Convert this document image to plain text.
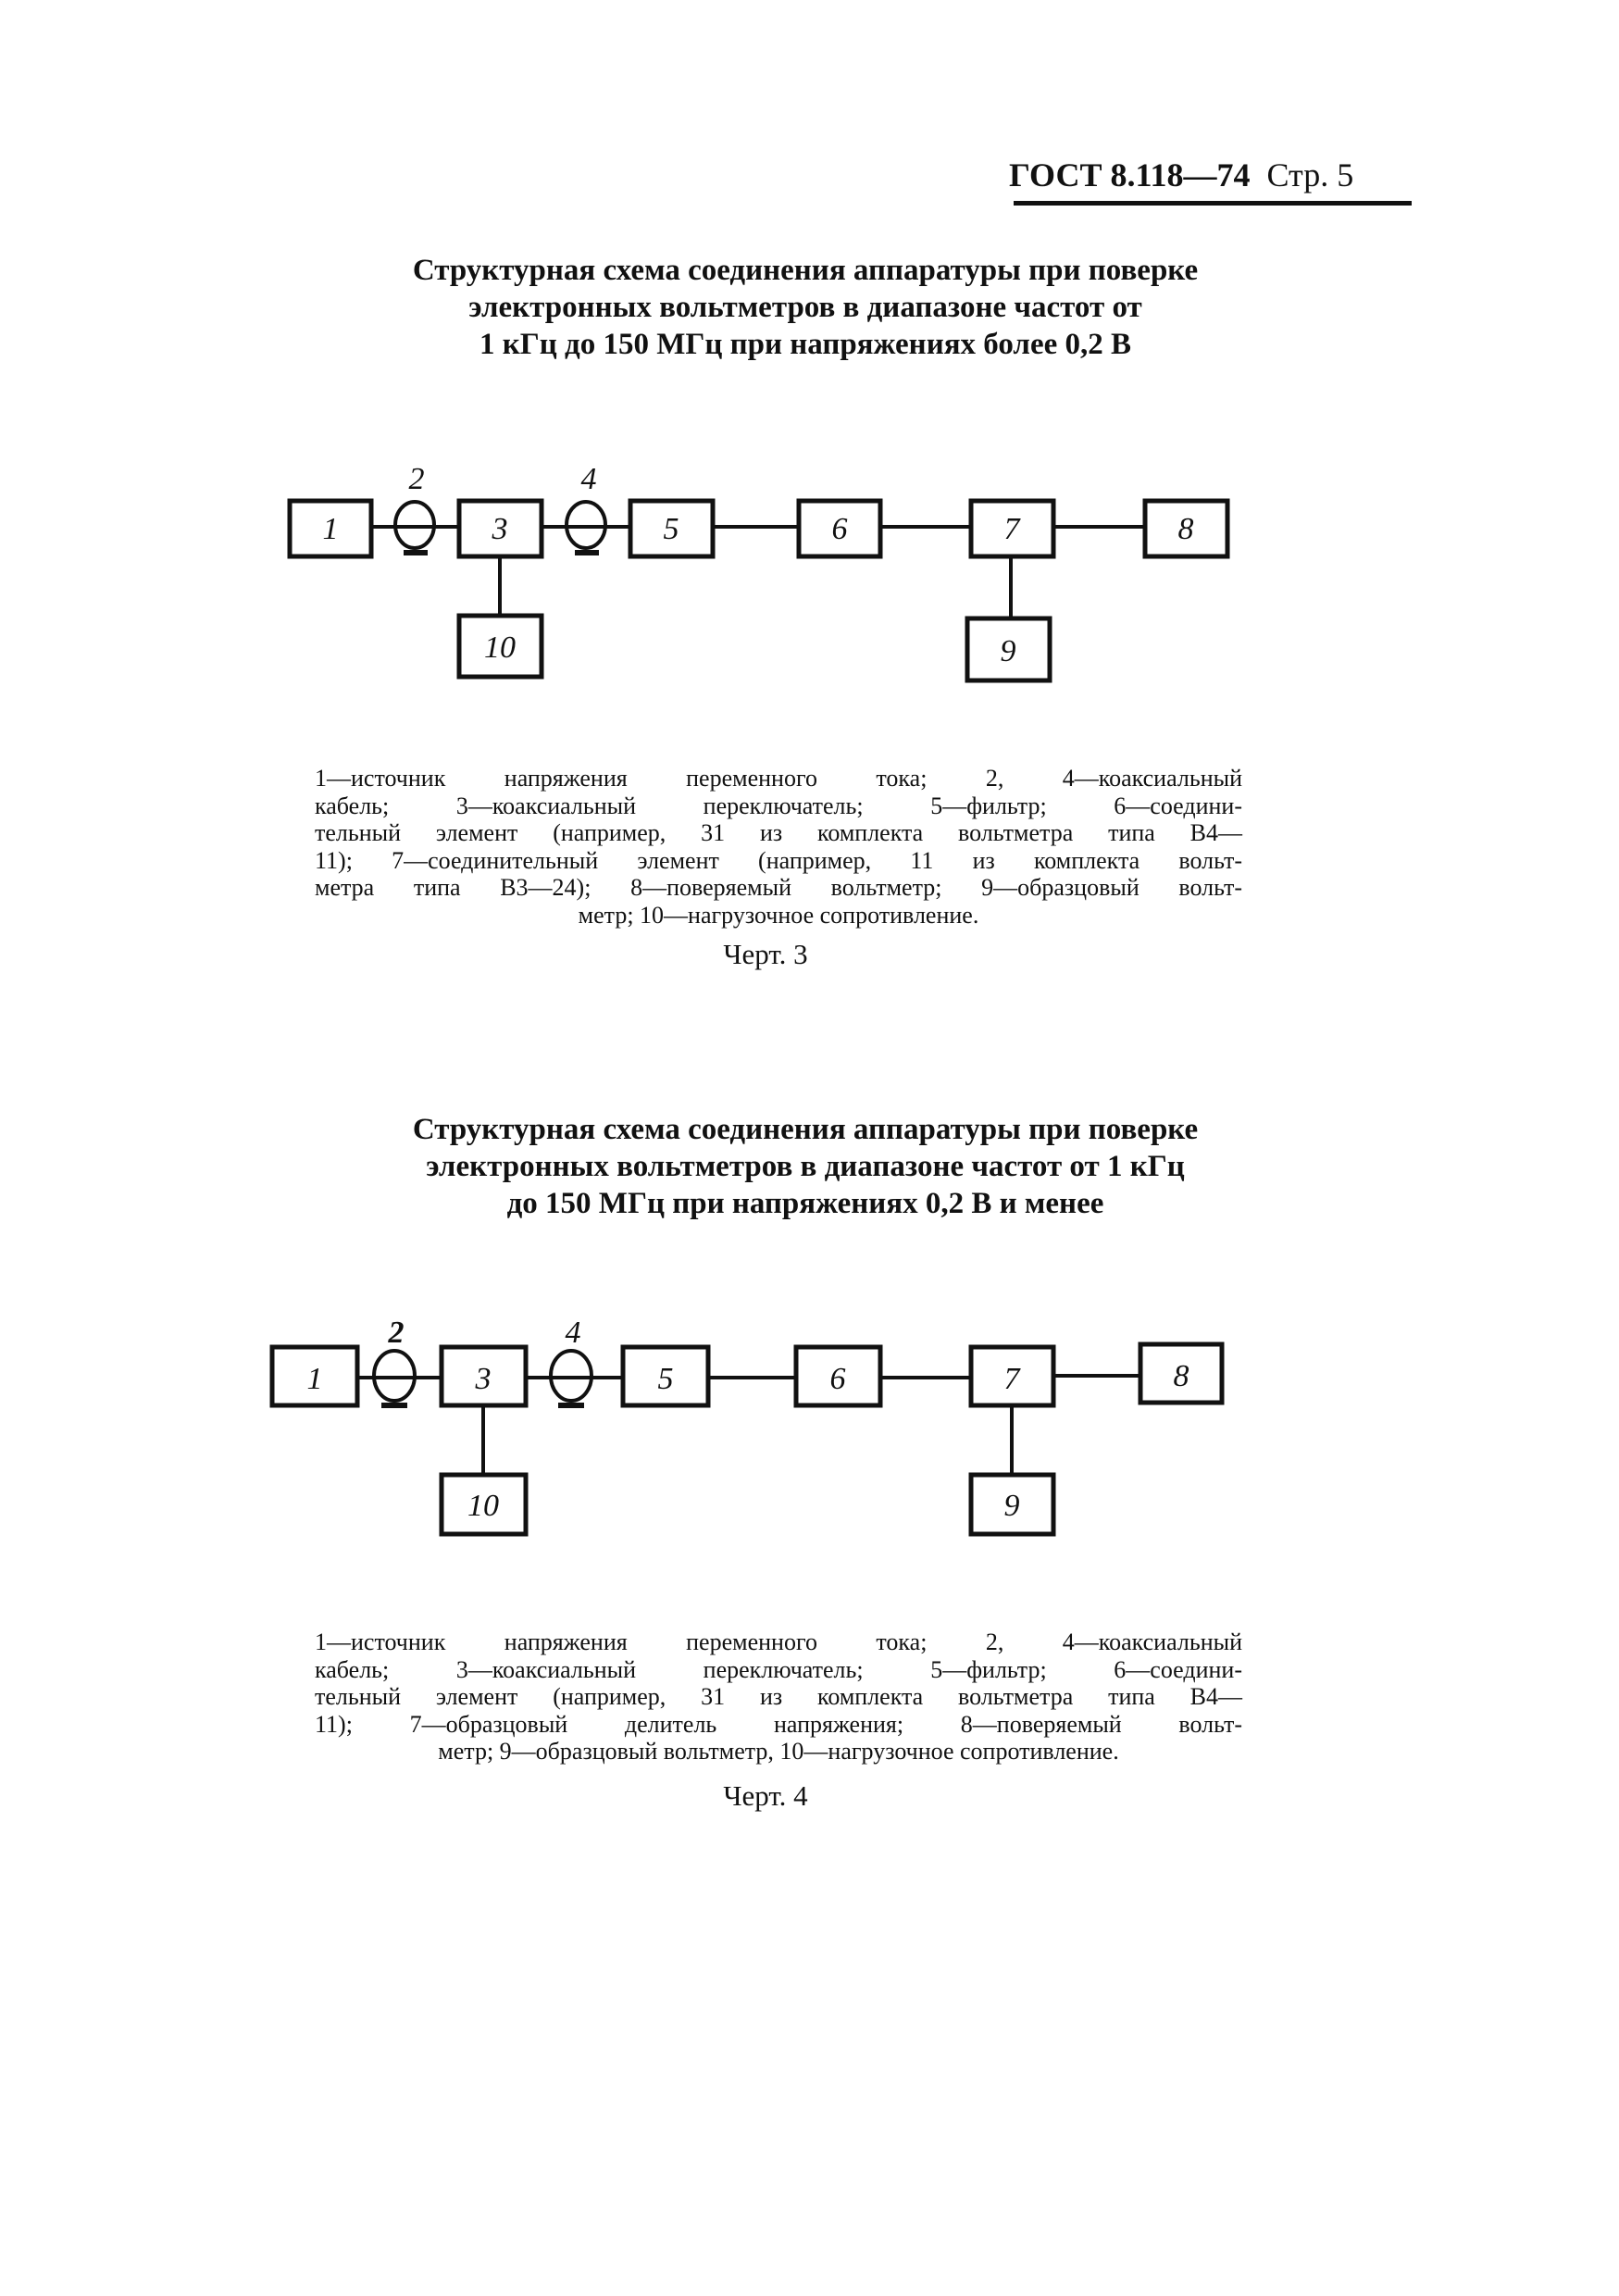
ГОСТ 8.118—74 Стр. 5
Структурная схема соединения аппаратуры при поверке
электронных вольтметров в диапазоне частот от
1 кГц до 150 МГц при напряжениях более 0,2 В
1	3	5	6	7	8
10	9
2	4
1	3	5	6	7	8
10	9
2	4
1—источник напряжения переменного тока; 2, 4—коаксиальный
кабель; 3—коаксиальный переключатель; 5—фильтр; 6—соедини-
тельный элемент (например, 31 из комплекта вольтметра типа В4—
11); 7—соединительный элемент (например, 11 из комплекта вольт-
метра типа В3—24); 8—поверяемый вольтметр; 9—образцовый вольт-
метр; 10—нагрузочное сопротивление.
Черт. 3
Структурная схема соединения аппаратуры при поверке
электронных вольтметров в диапазоне частот от 1 кГц
до 150 МГц при напряжениях 0,2 В и менее
1—источник напряжения переменного тока; 2, 4—коаксиальный
кабель; 3—коаксиальный переключатель; 5—фильтр; 6—соедини-
тельный элемент (например, 31 из комплекта вольтметра типа В4—
11); 7—образцовый делитель напряжения; 8—поверяемый вольт-
метр; 9—образцовый вольтметр, 10—нагрузочное сопротивление.
Черт. 4
